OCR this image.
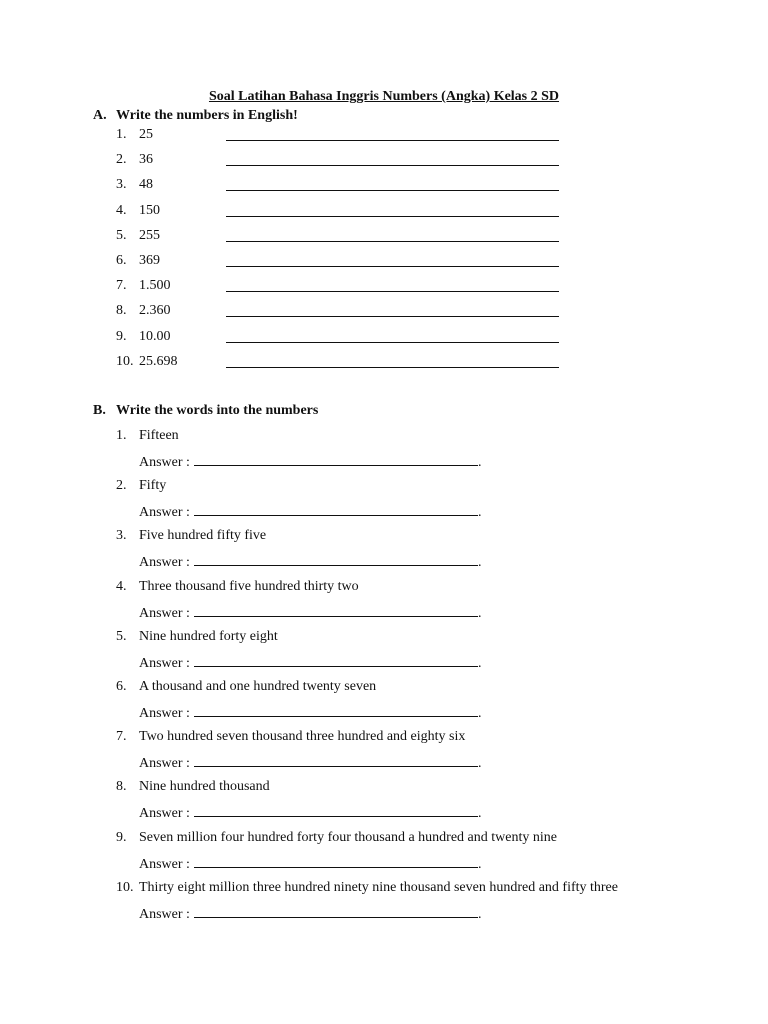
Soal Latihan Bahasa Inggris Numbers (Angka) Kelas 2 SD
A. Write the numbers in English!
1. 25
2. 36
3. 48
4. 150
5. 255
6. 369
7. 1.500
8. 2.360
9. 10.00
10. 25.698
B. Write the words into the numbers
1. Fifteen
Answer :	.
2. Fifty
Answer :	.
3. Five hundred fifty five
Answer :	.
4. Three thousand five hundred thirty two
Answer :	.
5. Nine hundred forty eight
Answer :	.
6. A thousand and one hundred twenty seven
Answer :	.
7. Two hundred seven thousand three hundred and eighty six
Answer :	.
8. Nine hundred thousand
Answer :	.
9. Seven million four hundred forty four thousand a hundred and twenty nine
Answer :	.
10. Thirty eight million three hundred ninety nine thousand seven hundred and fifty three
Answer :	.
